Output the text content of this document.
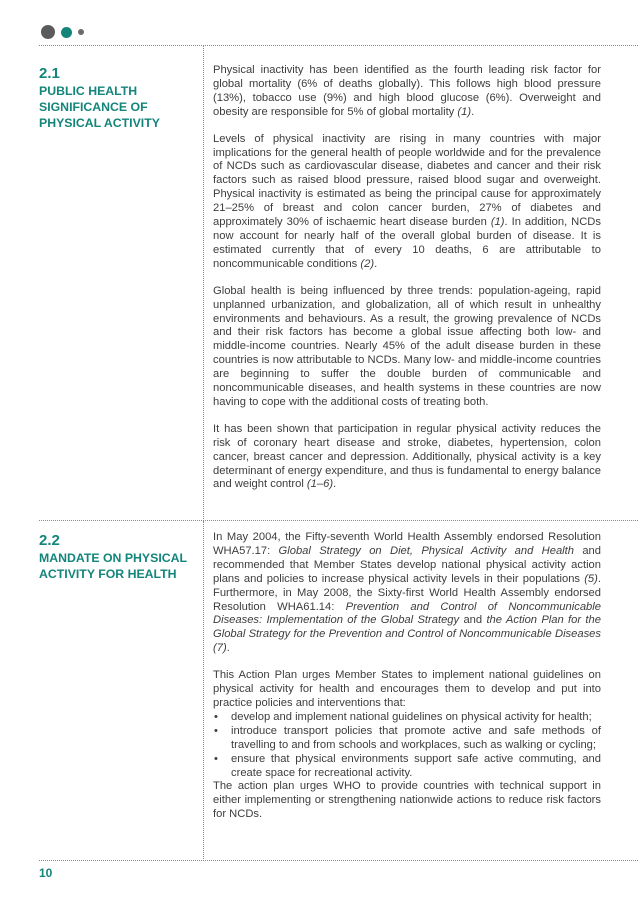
2.1
PUBLIC HEALTH SIGNIFICANCE OF PHYSICAL ACTIVITY

Physical inactivity has been identified as the fourth leading risk factor for global mortality (6% of deaths globally). This follows high blood pressure (13%), tobacco use (9%) and high blood glucose (6%). Overweight and obesity are responsible for 5% of global mortality (1).

Levels of physical inactivity are rising in many countries with major implications for the general health of people worldwide and for the prevalence of NCDs such as cardiovascular disease, diabetes and cancer and their risk factors such as raised blood pressure, raised blood sugar and overweight. Physical inactivity is estimated as being the principal cause for approximately 21–25% of breast and colon cancer burden, 27% of diabetes and approximately 30% of ischaemic heart disease burden (1). In addition, NCDs now account for nearly half of the overall global burden of disease. It is estimated currently that of every 10 deaths, 6 are attributable to noncommunicable conditions (2).

Global health is being influenced by three trends: population-ageing, rapid unplanned urbanization, and globalization, all of which result in unhealthy environments and behaviours. As a result, the growing prevalence of NCDs and their risk factors has become a global issue affecting both low- and middle-income countries. Nearly 45% of the adult disease burden in these countries is now attributable to NCDs. Many low- and middle-income countries are beginning to suffer the double burden of communicable and noncommunicable diseases, and health systems in these countries are now having to cope with the additional costs of treating both.

It has been shown that participation in regular physical activity reduces the risk of coronary heart disease and stroke, diabetes, hypertension, colon cancer, breast cancer and depression. Additionally, physical activity is a key determinant of energy expenditure, and thus is fundamental to energy balance and weight control (1–6).

2.2
MANDATE ON PHYSICAL ACTIVITY FOR HEALTH

In May 2004, the Fifty-seventh World Health Assembly endorsed Resolution WHA57.17: Global Strategy on Diet, Physical Activity and Health and recommended that Member States develop national physical activity action plans and policies to increase physical activity levels in their populations (5). Furthermore, in May 2008, the Sixty-first World Health Assembly endorsed Resolution WHA61.14: Prevention and Control of Noncommunicable Diseases: Implementation of the Global Strategy and the Action Plan for the Global Strategy for the Prevention and Control of Noncommunicable Diseases (7).

This Action Plan urges Member States to implement national guidelines on physical activity for health and encourages them to develop and put into practice policies and interventions that:

• develop and implement national guidelines on physical activity for health;
• introduce transport policies that promote active and safe methods of travelling to and from schools and workplaces, such as walking or cycling;
• ensure that physical environments support safe active commuting, and create space for recreational activity.

The action plan urges WHO to provide countries with technical support in either implementing or strengthening nationwide actions to reduce risk factors for NCDs.

10
